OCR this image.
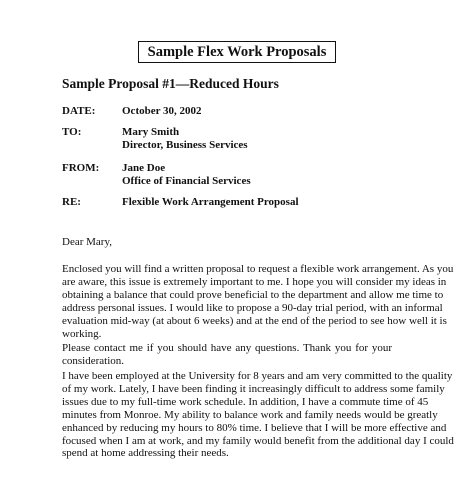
Sample Flex Work Proposals
Sample Proposal #1—Reduced Hours
DATE: October 30, 2002
TO:	Mary Smith
Director, Business Services
FROM: Jane Doe
Office of Financial Services
RE:	Flexible Work Arrangement Proposal
Dear Mary,
Enclosed you will find a written proposal to request a flexible work arrangement. As you
are aware, this issue is extremely important to me. I hope you will consider my ideas in
obtaining a balance that could prove beneficial to the department and allow me time to
address personal issues. I would like to propose a 90-day trial period, with an informal
evaluation mid-way (at about 6 weeks) and at the end of the period to see how well it is
working.
Please contact me if you should have any questions. Thank you for your consideration.
I have been employed at the University for 8 years and am very committed to the quality
of my work. Lately, I have been finding it increasingly difficult to address some family
issues due to my full-time work schedule. In addition, I have a commute time of 45
minutes from Monroe. My ability to balance work and family needs would be greatly
enhanced by reducing my hours to 80% time. I believe that I will be more effective and
focused when I am at work, and my family would benefit from the additional day I could
spend at home addressing their needs.
